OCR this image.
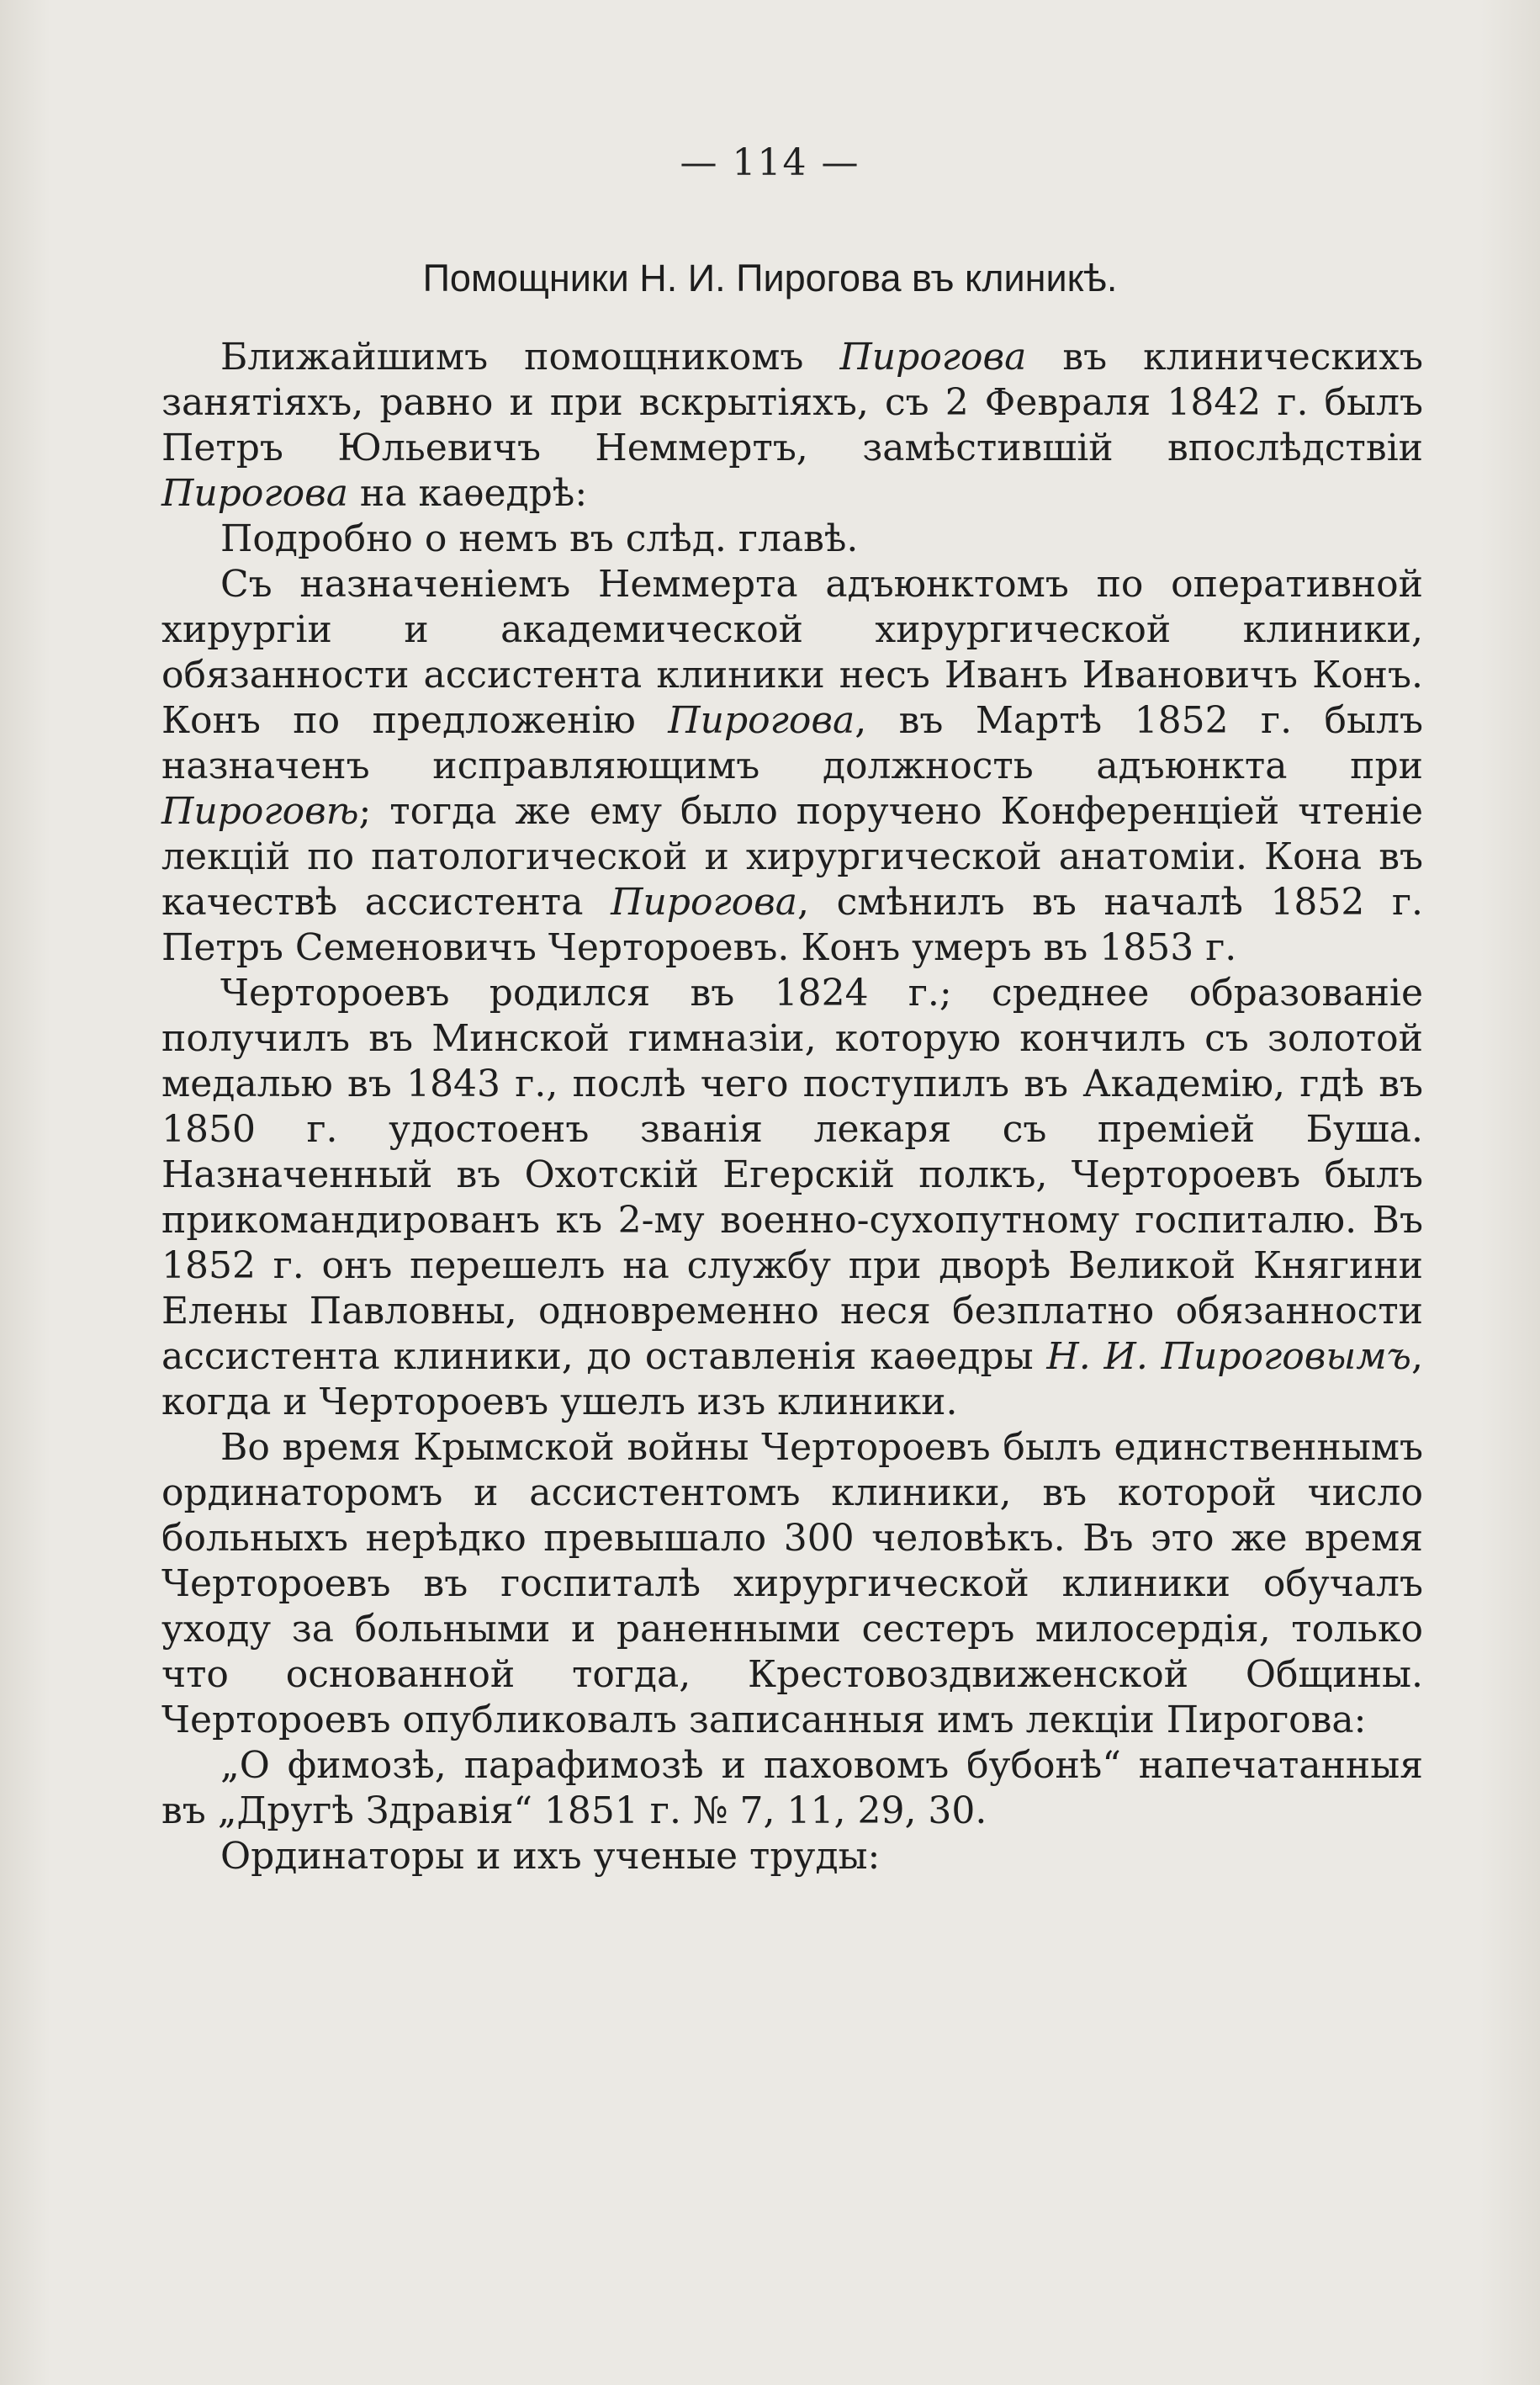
— 114 —
Помощники Н. И. Пирогова въ клиникѣ.

Ближайшимъ помощникомъ Пирогова въ клиническихъ занятіяхъ, равно и при вскрытіяхъ, съ 2 Февраля 1842 г. былъ Петръ Юльевичъ Неммертъ, замѣстившій впослѣдствіи Пирогова на каѳедрѣ:

Подробно о немъ въ слѣд. главѣ.

Съ назначеніемъ Неммерта адъюнктомъ по оперативной хирургіи и академической хирургической клиники, обязанности ассистента клиники несъ Иванъ Ивановичъ Конъ. Конъ по предложенію Пирогова, въ Мартѣ 1852 г. былъ назначенъ исправляющимъ должность адъюнкта при Пироговѣ; тогда же ему было поручено Конференціей чтеніе лекцій по патологической и хирургической анатоміи. Кона въ качествѣ ассистента Пирогова, смѣнилъ въ началѣ 1852 г. Петръ Семеновичъ Чертороевъ. Конъ умеръ въ 1853 г.

Чертороевъ родился въ 1824 г.; среднее образованіе получилъ въ Минской гимназіи, которую кончилъ съ золотой медалью въ 1843 г., послѣ чего поступилъ въ Академію, гдѣ въ 1850 г. удостоенъ званія лекаря съ преміей Буша. Назначенный въ Охотскій Егерскій полкъ, Чертороевъ былъ прикомандированъ къ 2-му военно-сухопутному госпиталю. Въ 1852 г. онъ перешелъ на службу при дворѣ Великой Княгини Елены Павловны, одновременно неся безплатно обязанности ассистента клиники, до оставленія каѳедры Н. И. Пироговымъ, когда и Чертороевъ ушелъ изъ клиники.

Во время Крымской войны Чертороевъ былъ единственнымъ ординаторомъ и ассистентомъ клиники, въ которой число больныхъ нерѣдко превышало 300 человѣкъ. Въ это же время Чертороевъ въ госпиталѣ хирургической клиники обучалъ уходу за больными и раненными сестеръ милосердія, только что основанной тогда, Крестовоздвиженской Общины. Чертороевъ опубликовалъ записанныя имъ лекціи Пирогова:

„О фимозѣ, парафимозѣ и паховомъ бубонѣ“ напечатанныя въ „Другѣ Здравія“ 1851 г. № 7, 11, 29, 30.

Ординаторы и ихъ ученые труды:
